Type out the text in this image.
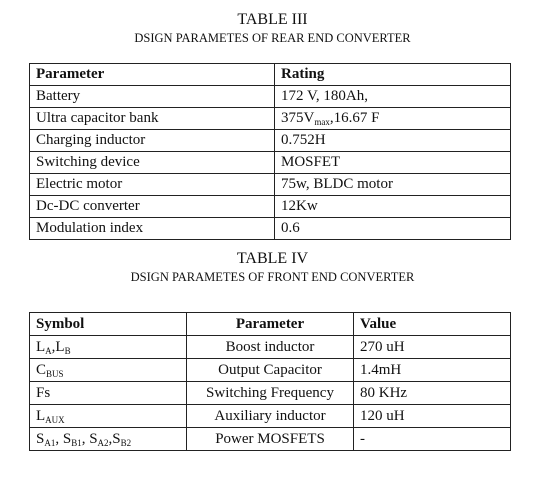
TABLE III
DSIGN PARAMETES OF REAR END CONVERTER
Parameter	Rating
Battery	172 V, 180Ah,
Ultra capacitor bank	$375V_{max},16.67$ F
Charging inductor	0.752H
Switching device	MOSFET
Electric motor	75w, BLDC motor
Dc-DC converter	12Kw
Modulation index	0.6
TABLE IV
DSIGN PARAMETES OF FRONT END CONVERTER
Symbol	Parameter	Value
$L_A,L_B$	Boost inductor	270 uH
$C_{BUS}$	Output Capacitor	1.4mH
Fs	Switching Frequency	80 KHz
$L_{AUX}$	Auxiliary inductor	120 uH
$S_{A1}$, $S_{B1}$, $S_{A2},S_{B2}$	Power MOSFETS	-
